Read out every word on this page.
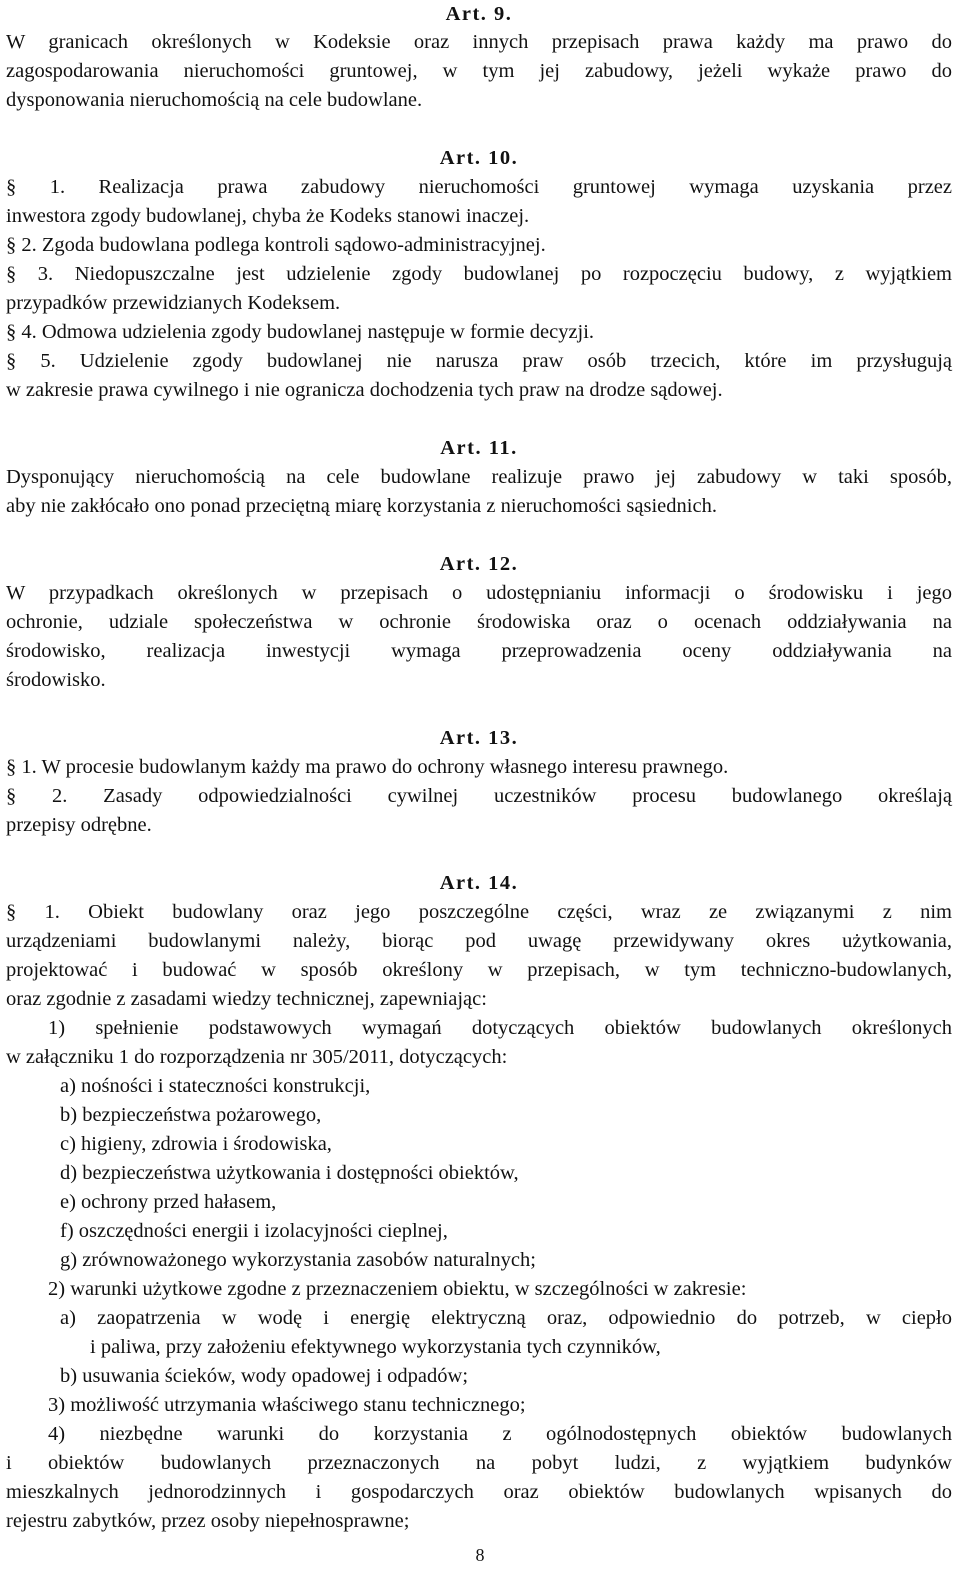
Art. 9.
W granicach określonych w Kodeksie oraz innych przepisach prawa każdy ma prawo do
zagospodarowania nieruchomości gruntowej, w tym jej zabudowy, jeżeli wykaże prawo do
dysponowania nieruchomością na cele budowlane.
Art. 10.
§ 1. Realizacja prawa zabudowy nieruchomości gruntowej wymaga uzyskania przez
inwestora zgody budowlanej, chyba że Kodeks stanowi inaczej.
§ 2. Zgoda budowlana podlega kontroli sądowo-administracyjnej.
§ 3. Niedopuszczalne jest udzielenie zgody budowlanej po rozpoczęciu budowy, z wyjątkiem
przypadków przewidzianych Kodeksem.
§ 4. Odmowa udzielenia zgody budowlanej następuje w formie decyzji.
§ 5. Udzielenie zgody budowlanej nie narusza praw osób trzecich, które im przysługują
w zakresie prawa cywilnego i nie ogranicza dochodzenia tych praw na drodze sądowej.
Art. 11.
Dysponujący nieruchomością na cele budowlane realizuje prawo jej zabudowy w taki sposób,
aby nie zakłócało ono ponad przeciętną miarę korzystania z nieruchomości sąsiednich.
Art. 12.
W przypadkach określonych w przepisach o udostępnianiu informacji o środowisku i jego
ochronie, udziale społeczeństwa w ochronie środowiska oraz o ocenach oddziaływania na
środowisko, realizacja inwestycji wymaga przeprowadzenia oceny oddziaływania na
środowisko.
Art. 13.
§ 1. W procesie budowlanym każdy ma prawo do ochrony własnego interesu prawnego.
§ 2. Zasady odpowiedzialności cywilnej uczestników procesu budowlanego określają
przepisy odrębne.
Art. 14.
§ 1. Obiekt budowlany oraz jego poszczególne części, wraz ze związanymi z nim
urządzeniami budowlanymi należy, biorąc pod uwagę przewidywany okres użytkowania,
projektować i budować w sposób określony w przepisach, w tym techniczno-budowlanych,
oraz zgodnie z zasadami wiedzy technicznej, zapewniając:
1) spełnienie podstawowych wymagań dotyczących obiektów budowlanych określonych
w załączniku 1 do rozporządzenia nr 305/2011, dotyczących:
a) nośności i stateczności konstrukcji,
b) bezpieczeństwa pożarowego,
c) higieny, zdrowia i środowiska,
d) bezpieczeństwa użytkowania i dostępności obiektów,
e) ochrony przed hałasem,
f) oszczędności energii i izolacyjności cieplnej,
g) zrównoważonego wykorzystania zasobów naturalnych;
2) warunki użytkowe zgodne z przeznaczeniem obiektu, w szczególności w zakresie:
a) zaopatrzenia w wodę i energię elektryczną oraz, odpowiednio do potrzeb, w ciepło
i paliwa, przy założeniu efektywnego wykorzystania tych czynników,
b) usuwania ścieków, wody opadowej i odpadów;
3) możliwość utrzymania właściwego stanu technicznego;
4) niezbędne warunki do korzystania z ogólnodostępnych obiektów budowlanych
i obiektów budowlanych przeznaczonych na pobyt ludzi, z wyjątkiem budynków
mieszkalnych jednorodzinnych i gospodarczych oraz obiektów budowlanych wpisanych do
rejestru zabytków, przez osoby niepełnosprawne;
8
